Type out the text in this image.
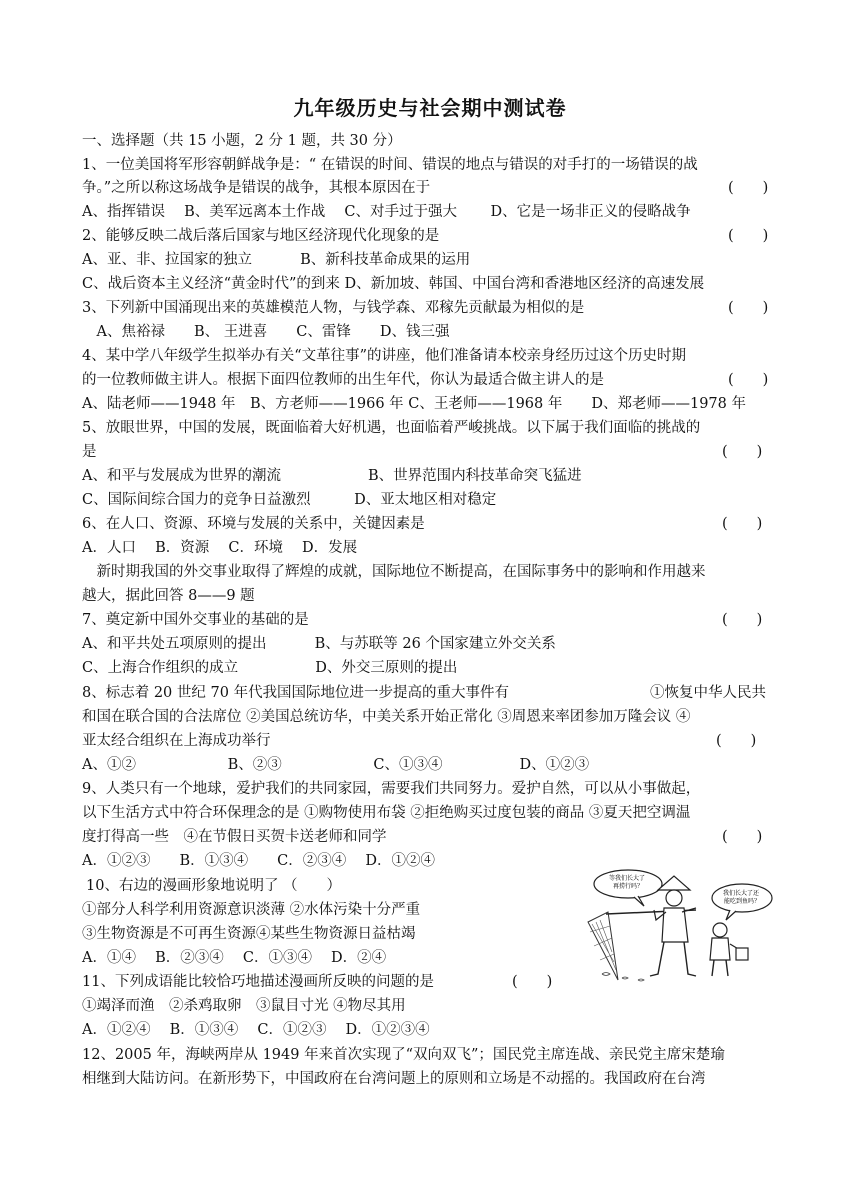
九年级历史与社会期中测试卷
一、选择题（共 15 小题，2 分 1 题，共 30 分）
1、一位美国将军形容朝鲜战争是：“ 在错误的时间、错误的地点与错误的对手打的一场错误的战
争。”之所以称这场战争是错误的战争，其根本原因在于	(　　)
A、指挥错误　 B、美军远离本土作战　 C、对手过于强大　　 D、它是一场非正义的侵略战争
2、能够反映二战后落后国家与地区经济现代化现象的是	(　　)
A、亚、非、拉国家的独立　　　 B、新科技革命成果的运用
C、战后资本主义经济“黄金时代”的到来 D、新加坡、韩国、中国台湾和香港地区经济的高速发展
3、下列新中国涌现出来的英雄模范人物，与钱学森、邓稼先贡献最为相似的是	(　　)
　A、焦裕禄　　B、 王进喜　　C、雷锋　　D、钱三强
4、某中学八年级学生拟举办有关“文革往事”的讲座，他们准备请本校亲身经历过这个历史时期
的一位教师做主讲人。根据下面四位教师的出生年代，你认为最适合做主讲人的是	(　　)
A、陆老师——1948 年　B、方老师——1966 年 C、王老师——1968 年　　D、郑老师——1978 年
5、放眼世界，中国的发展，既面临着大好机遇，也面临着严峻挑战。以下属于我们面临的挑战的
是	(　　)
A、和平与发展成为世界的潮流　　　　　　B、世界范围内科技革命突飞猛进
C、国际间综合国力的竞争日益激烈　　　D、亚太地区相对稳定
6、在人口、资源、环境与发展的关系中，关键因素是	(　　)
A．人口　 B．资源　 C．环境　 D．发展
　新时期我国的外交事业取得了辉煌的成就，国际地位不断提高，在国际事务中的影响和作用越来
越大，据此回答 8——9 题
7、奠定新中国外交事业的基础的是	(　　)
A、和平共处五项原则的提出　　　 B、与苏联等 26 个国家建立外交关系
C、上海合作组织的成立　　　　　 D、外交三原则的提出
8、标志着 20 世纪 70 年代我国国际地位进一步提高的重大事件有	①恢复中华人民共
和国在联合国的合法席位 ②美国总统访华，中美关系开始正常化 ③周恩来率团参加万隆会议 ④
亚太经合组织在上海成功举行	(　　)
A、①②　　　　　　 B、②③　　　　　　 C、①③④　　　　　 D、①②③
9、人类只有一个地球，爱护我们的共同家园，需要我们共同努力。爱护自然，可以从小事做起，
以下生活方式中符合环保理念的是 ①购物使用布袋 ②拒绝购买过度包装的商品 ③夏天把空调温
度打得高一些　④在节假日买贺卡送老师和同学	(　　)
A．①②③　　B．①③④　　C．②③④　 D．①②④
10、右边的漫画形象地说明了 （　　）
①部分人科学利用资源意识淡薄 ②水体污染十分严重
③生物资源是不可再生资源④某些生物资源日益枯竭
A．①④　 B．②③④　 C．①③④　 D．②④
11、下列成语能比较恰巧地描述漫画所反映的问题的是	(　　)
①竭泽而渔　②杀鸡取卵　③鼠目寸光 ④物尽其用
A．①②④　 B．①③④　 C．①②③　 D．①②③④
12、2005 年，海峡两岸从 1949 年来首次实现了“双向双飞”；国民党主席连战、亲民党主席宋楚瑜
相继到大陆访问。在新形势下，中国政府在台湾问题上的原则和立场是不动摇的。我国政府在台湾
等我们长大了 再捞行吗？
我们长大了还 能吃到鱼吗？
